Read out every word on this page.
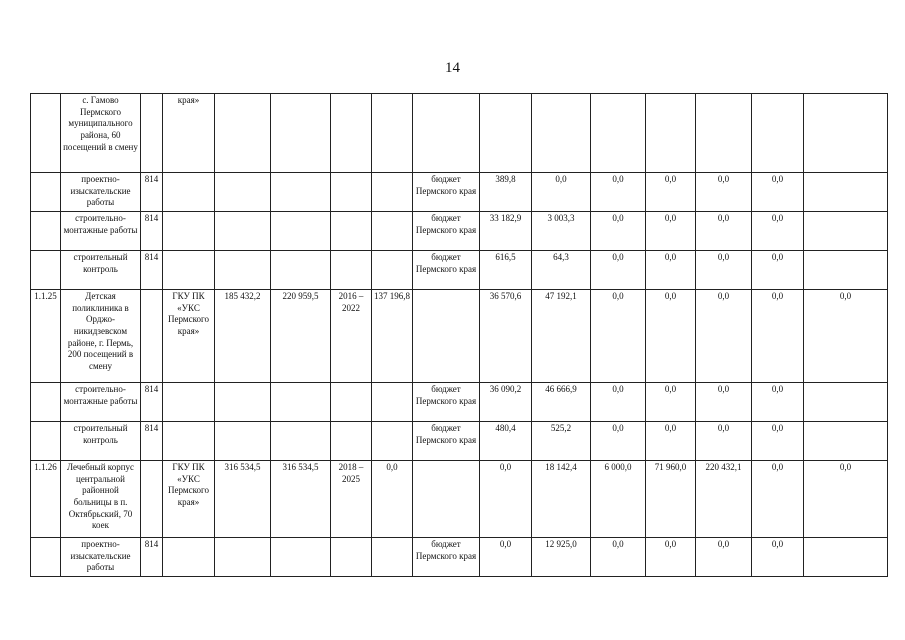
14
	с. Гамово Пермского муниципального района, 60 посещений в смену		края»												
	проектно-изыскательские работы	814						бюджет Пермского края	389,8	0,0	0,0	0,0	0,0	0,0	
	строительно-монтажные работы	814						бюджет Пермского края	33 182,9	3 003,3	0,0	0,0	0,0	0,0	
	строительный контроль	814						бюджет Пермского края	616,5	64,3	0,0	0,0	0,0	0,0	
1.1.25	Детская поликлиника в Орджо-никидзевском районе, г. Пермь, 200 посещений в смену		ГКУ ПК «УКС Пермского края»	185 432,2	220 959,5	2016 – 2022	137 196,8		36 570,6	47 192,1	0,0	0,0	0,0	0,0	0,0
	строительно-монтажные работы	814						бюджет Пермского края	36 090,2	46 666,9	0,0	0,0	0,0	0,0	
	строительный контроль	814						бюджет Пермского края	480,4	525,2	0,0	0,0	0,0	0,0	
1.1.26	Лечебный корпус центральной районной больницы в п. Октябрьский, 70 коек		ГКУ ПК «УКС Пермского края»	316 534,5	316 534,5	2018 – 2025	0,0		0,0	18 142,4	6 000,0	71 960,0	220 432,1	0,0	0,0
	проектно-изыскательские работы	814						бюджет Пермского края	0,0	12 925,0	0,0	0,0	0,0	0,0	
